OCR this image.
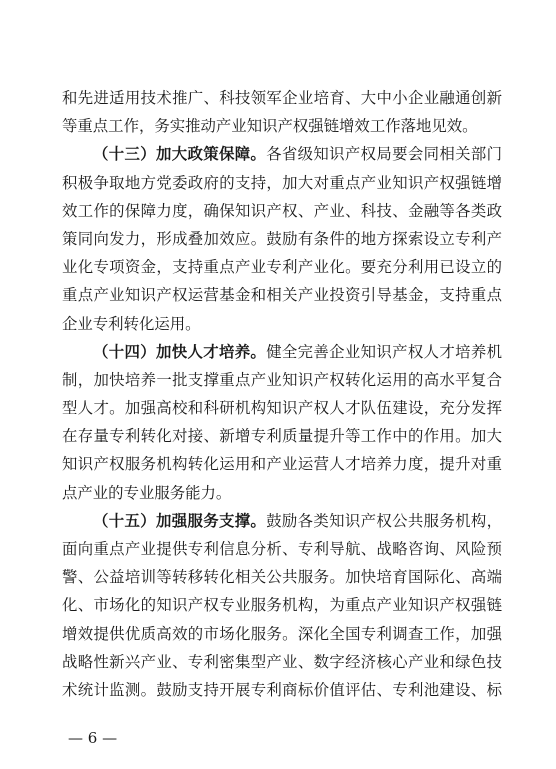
和先进适用技术推广、科技领军企业培育、大中小企业融通创新
等重点工作，务实推动产业知识产权强链增效工作落地见效。
（十三）加大政策保障。各省级知识产权局要会同相关部门
积极争取地方党委政府的支持，加大对重点产业知识产权强链增
效工作的保障力度，确保知识产权、产业、科技、金融等各类政
策同向发力，形成叠加效应。鼓励有条件的地方探索设立专利产
业化专项资金，支持重点产业专利产业化。要充分利用已设立的
重点产业知识产权运营基金和相关产业投资引导基金，支持重点
企业专利转化运用。
（十四）加快人才培养。健全完善企业知识产权人才培养机
制，加快培养一批支撑重点产业知识产权转化运用的高水平复合
型人才。加强高校和科研机构知识产权人才队伍建设，充分发挥
在存量专利转化对接、新增专利质量提升等工作中的作用。加大
知识产权服务机构转化运用和产业运营人才培养力度，提升对重
点产业的专业服务能力。
（十五）加强服务支撑。鼓励各类知识产权公共服务机构，
面向重点产业提供专利信息分析、专利导航、战略咨询、风险预
警、公益培训等转移转化相关公共服务。加快培育国际化、高端
化、市场化的知识产权专业服务机构，为重点产业知识产权强链
增效提供优质高效的市场化服务。深化全国专利调查工作，加强
战略性新兴产业、专利密集型产业、数字经济核心产业和绿色技
术统计监测。鼓励支持开展专利商标价值评估、专利池建设、标
— 6 —
